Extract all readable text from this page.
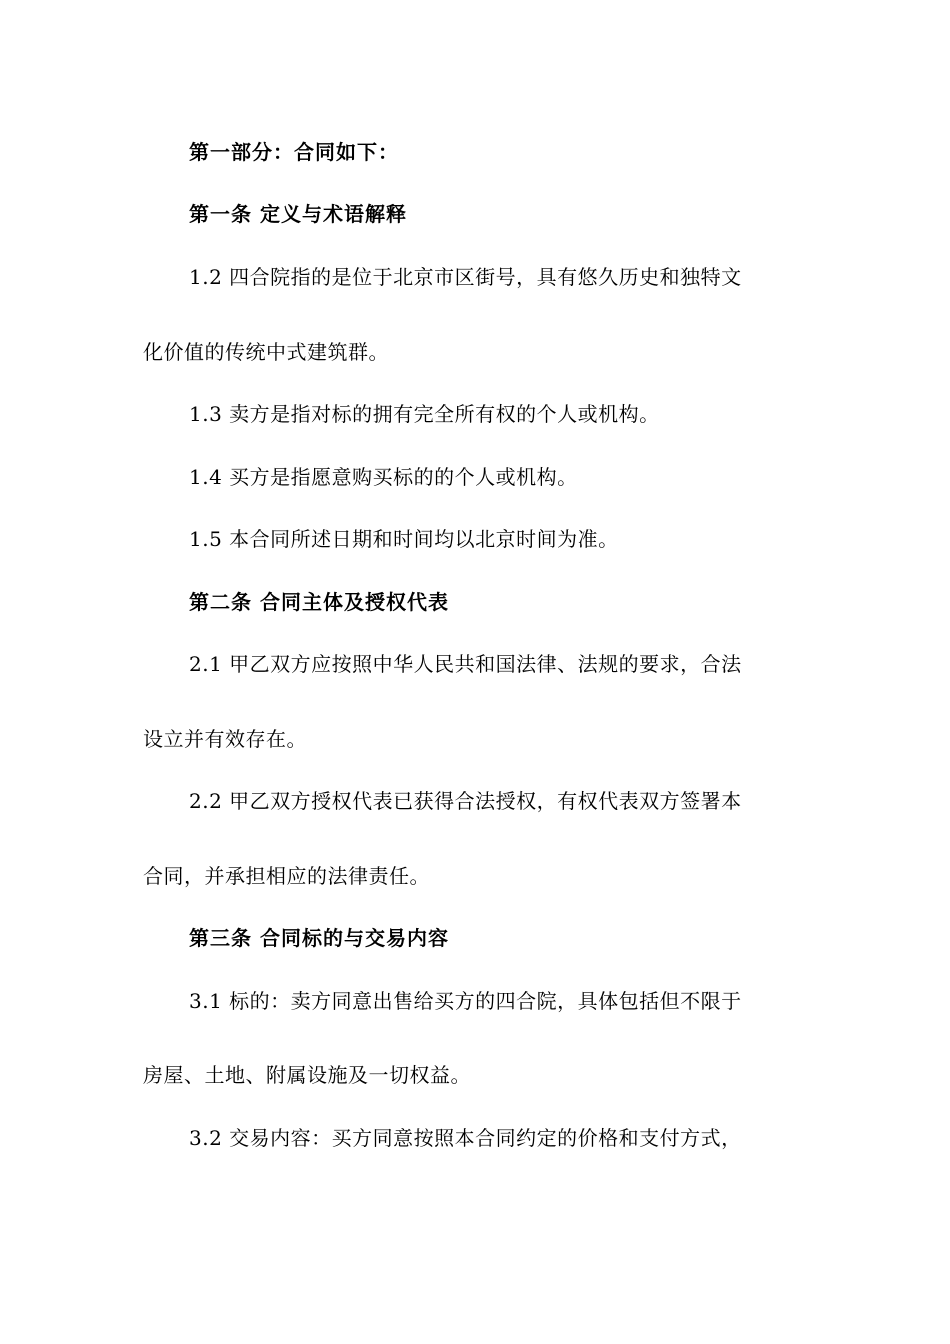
第一部分：合同如下：
第一条 定义与术语解释
1.2 四合院指的是位于北京市区街号，具有悠久历史和独特文
化价值的传统中式建筑群。
1.3 卖方是指对标的拥有完全所有权的个人或机构。
1.4 买方是指愿意购买标的的个人或机构。
1.5 本合同所述日期和时间均以北京时间为准。
第二条 合同主体及授权代表
2.1 甲乙双方应按照中华人民共和国法律、法规的要求，合法
设立并有效存在。
2.2 甲乙双方授权代表已获得合法授权，有权代表双方签署本
合同，并承担相应的法律责任。
第三条 合同标的与交易内容
3.1 标的：卖方同意出售给买方的四合院，具体包括但不限于
房屋、土地、附属设施及一切权益。
3.2 交易内容：买方同意按照本合同约定的价格和支付方式，
